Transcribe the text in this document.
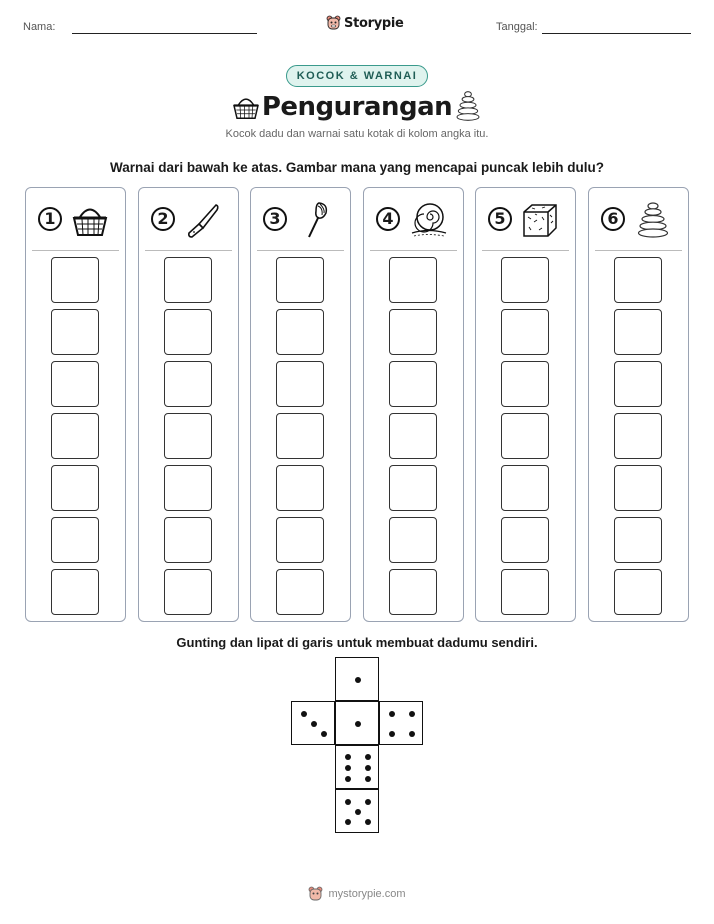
Nama:	Storypie	Tanggal:
KOCOK & WARNAI
Pengurangan
Kocok dadu dan warnai satu kotak di kolom angka itu.
Warnai dari bawah ke atas. Gambar mana yang mencapai puncak lebih dulu?
1	2	3	4	5	6
Gunting dan lipat di garis untuk membuat dadumu sendiri.
mystorypie.com
